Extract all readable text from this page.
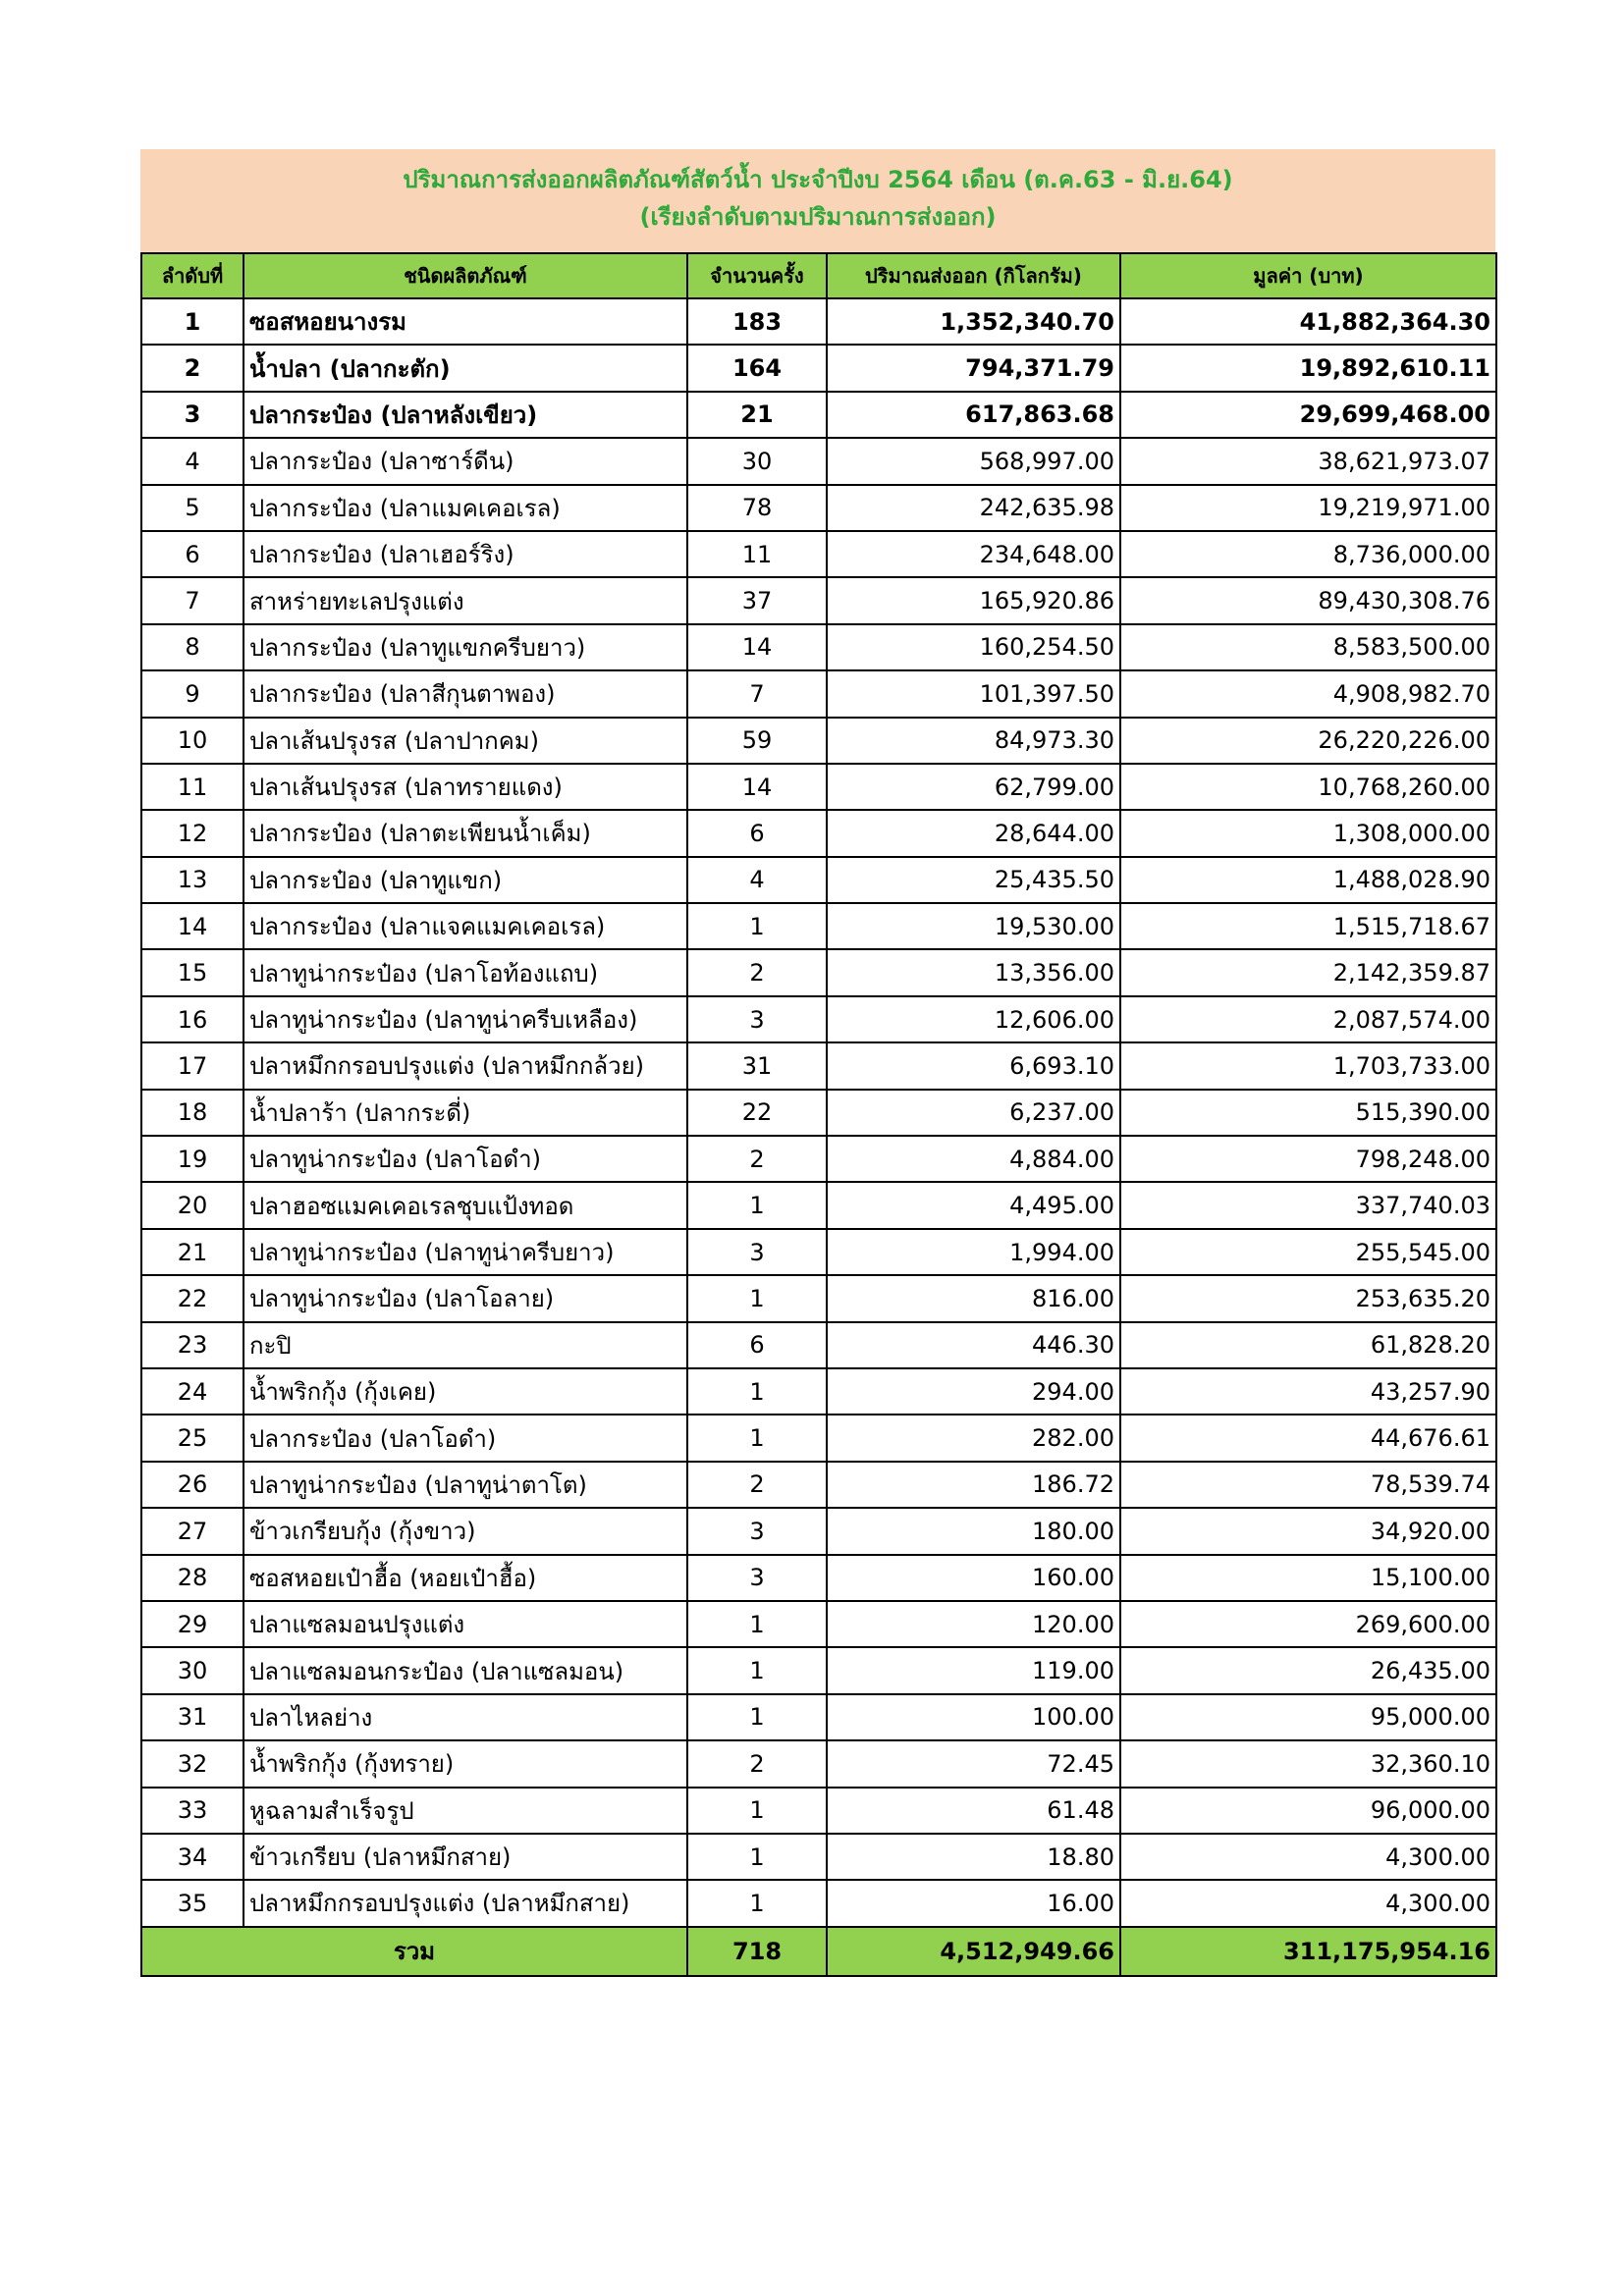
ปริมาณการส่งออกผลิตภัณฑ์สัตว์น้ำ ประจำปีงบ 2564 เดือน (ต.ค.63 - มิ.ย.64)
(เรียงลำดับตามปริมาณการส่งออก)
ลำดับที่	ชนิดผลิตภัณฑ์	จำนวนครั้ง	ปริมาณส่งออก (กิโลกรัม)	มูลค่า (บาท)
1	ซอสหอยนางรม	183	1,352,340.70	41,882,364.30
2	น้ำปลา (ปลากะตัก)	164	794,371.79	19,892,610.11
3	ปลากระป๋อง (ปลาหลังเขียว)	21	617,863.68	29,699,468.00
4	ปลากระป๋อง (ปลาซาร์ดีน)	30	568,997.00	38,621,973.07
5	ปลากระป๋อง (ปลาแมคเคอเรล)	78	242,635.98	19,219,971.00
6	ปลากระป๋อง (ปลาเฮอร์ริง)	11	234,648.00	8,736,000.00
7	สาหร่ายทะเลปรุงแต่ง	37	165,920.86	89,430,308.76
8	ปลากระป๋อง (ปลาทูแขกครีบยาว)	14	160,254.50	8,583,500.00
9	ปลากระป๋อง (ปลาสีกุนตาพอง)	7	101,397.50	4,908,982.70
10	ปลาเส้นปรุงรส (ปลาปากคม)	59	84,973.30	26,220,226.00
11	ปลาเส้นปรุงรส (ปลาทรายแดง)	14	62,799.00	10,768,260.00
12	ปลากระป๋อง (ปลาตะเพียนน้ำเค็ม)	6	28,644.00	1,308,000.00
13	ปลากระป๋อง (ปลาทูแขก)	4	25,435.50	1,488,028.90
14	ปลากระป๋อง (ปลาแจคแมคเคอเรล)	1	19,530.00	1,515,718.67
15	ปลาทูน่ากระป๋อง (ปลาโอท้องแถบ)	2	13,356.00	2,142,359.87
16	ปลาทูน่ากระป๋อง (ปลาทูน่าครีบเหลือง)	3	12,606.00	2,087,574.00
17	ปลาหมึกกรอบปรุงแต่ง (ปลาหมึกกล้วย)	31	6,693.10	1,703,733.00
18	น้ำปลาร้า (ปลากระดี่)	22	6,237.00	515,390.00
19	ปลาทูน่ากระป๋อง (ปลาโอดำ)	2	4,884.00	798,248.00
20	ปลาฮอซแมคเคอเรลชุบแป้งทอด	1	4,495.00	337,740.03
21	ปลาทูน่ากระป๋อง (ปลาทูน่าครีบยาว)	3	1,994.00	255,545.00
22	ปลาทูน่ากระป๋อง (ปลาโอลาย)	1	816.00	253,635.20
23	กะปิ	6	446.30	61,828.20
24	น้ำพริกกุ้ง (กุ้งเคย)	1	294.00	43,257.90
25	ปลากระป๋อง (ปลาโอดำ)	1	282.00	44,676.61
26	ปลาทูน่ากระป๋อง (ปลาทูน่าตาโต)	2	186.72	78,539.74
27	ข้าวเกรียบกุ้ง (กุ้งขาว)	3	180.00	34,920.00
28	ซอสหอยเป๋าฮื้อ (หอยเป๋าฮื้อ)	3	160.00	15,100.00
29	ปลาแซลมอนปรุงแต่ง	1	120.00	269,600.00
30	ปลาแซลมอนกระป๋อง (ปลาแซลมอน)	1	119.00	26,435.00
31	ปลาไหลย่าง	1	100.00	95,000.00
32	น้ำพริกกุ้ง (กุ้งทราย)	2	72.45	32,360.10
33	หูฉลามสำเร็จรูป	1	61.48	96,000.00
34	ข้าวเกรียบ (ปลาหมึกสาย)	1	18.80	4,300.00
35	ปลาหมึกกรอบปรุงแต่ง (ปลาหมึกสาย)	1	16.00	4,300.00
รวม		718	4,512,949.66	311,175,954.16
